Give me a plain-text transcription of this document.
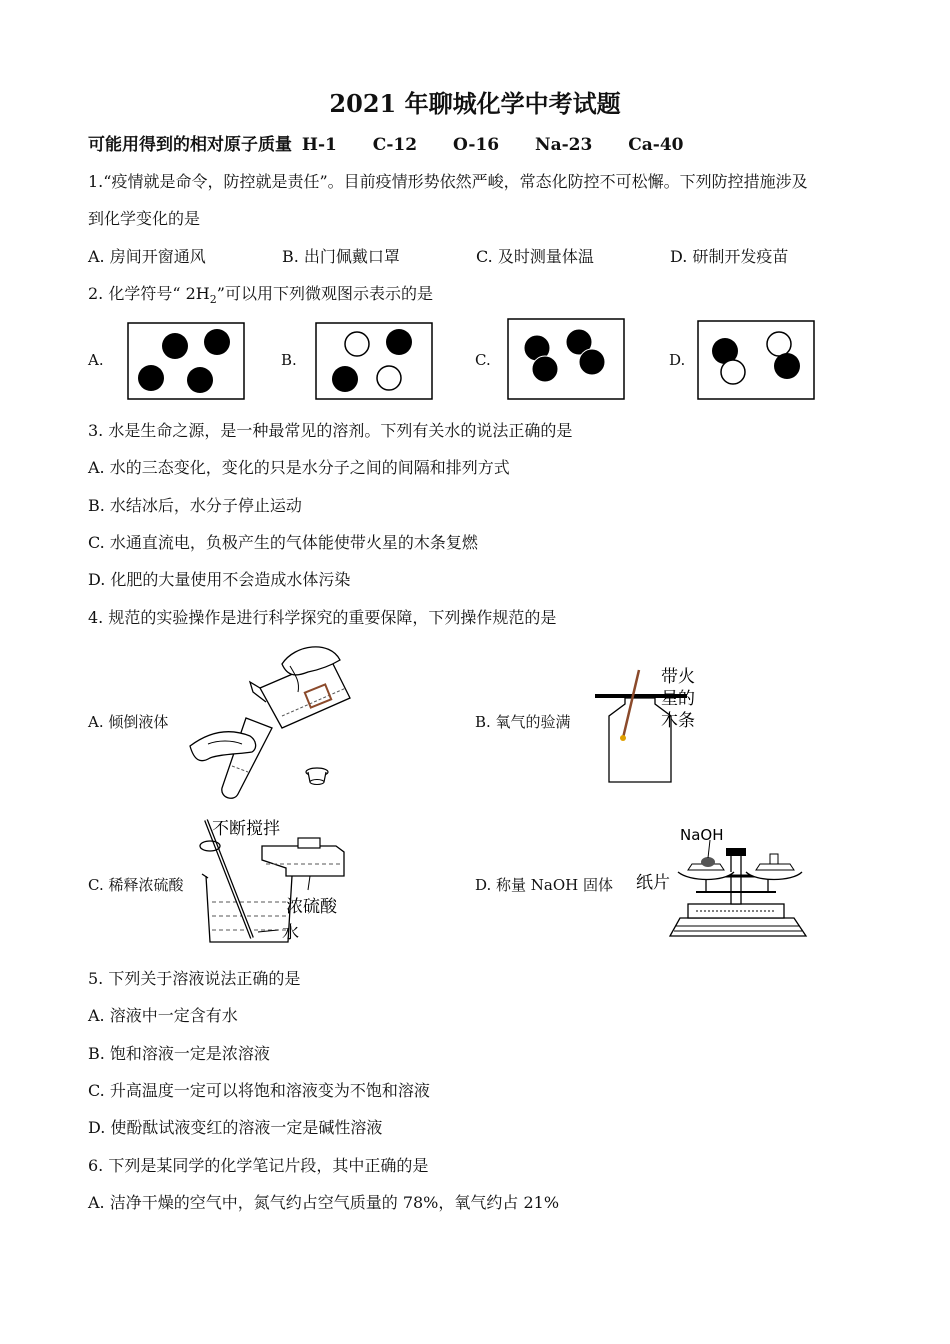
2021 年聊城化学中考试题
可能用得到的相对原子质量 H-1 C-12 O-16 Na-23 Ca-40
1.“疫情就是命令，防控就是责任”。目前疫情形势依然严峻，常态化防控不可松懈。下列防控措施涉及
到化学变化的是
A. 房间开窗通风	B. 出门佩戴口罩	C. 及时测量体温	D. 研制开发疫苗
2. 化学符号“ $2H_2$”可以用下列微观图示表示的是
A.	B.	C.	D.
3. 水是生命之源，是一种最常见的溶剂。下列有关水的说法正确的是
A. 水的三态变化，变化的只是水分子之间的间隔和排列方式
B. 水结冰后，水分子停止运动
C. 水通直流电，负极产生的气体能使带火星的木条复燃
D. 化肥的大量使用不会造成水体污染
4. 规范的实验操作是进行科学探究的重要保障，下列操作规范的是
A. 倾倒液体	B. 氧气的验满
C. 稀释浓硫酸	D. 称量 NaOH 固体
带火
星的
木条
不断搅拌
浓硫酸
水
NaOH
纸片
5. 下列关于溶液说法正确的是
A. 溶液中一定含有水
B. 饱和溶液一定是浓溶液
C. 升高温度一定可以将饱和溶液变为不饱和溶液
D. 使酚酞试液变红的溶液一定是碱性溶液
6. 下列是某同学的化学笔记片段，其中正确的是
A. 洁净干燥的空气中，氮气约占空气质量的 78%，氧气约占 21%
